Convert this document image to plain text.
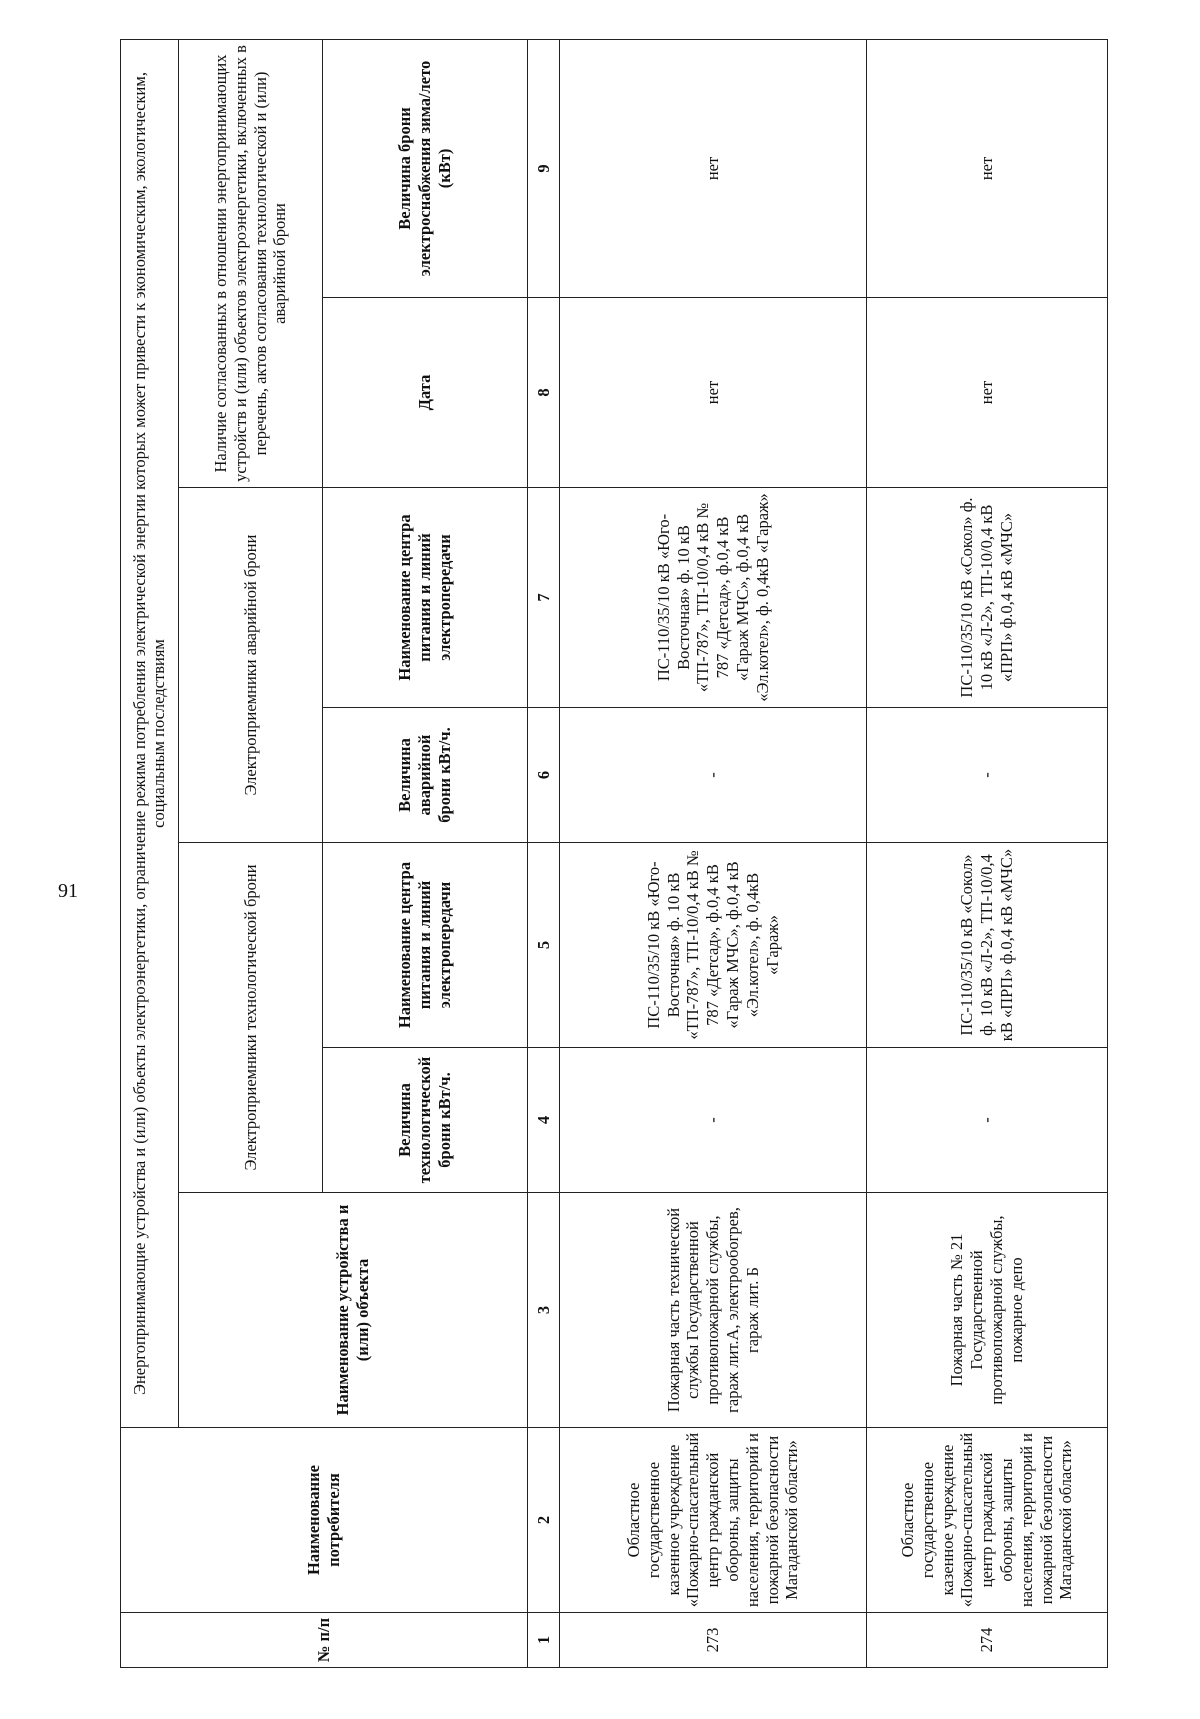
91
№ п/п	Наименование потребителя	Энергопринимающие устройства и (или) объекты электроэнергетики, ограничение режима потребления электрической энергии которых может привести к экономическим, экологическим, социальным последствиям						
		Наименование устройства и (или) объекта	Электроприемники технологической брони		Электроприемники аварийной брони		Наличие согласованных в отношении энергопринимающих устройств и (или) объектов электроэнергетики, включенных в перечень, актов согласования технологической и (или) аварийной брони	
			Величина технологической брони кВт/ч.	Наименование центра питания и линий электропередачи	Величина аварийной брони кВт/ч.	Наименование центра питания и линий электропередачи	Дата	Величина брони электроснабжения зима/лето (кВт)
1	2	3	4	5	6	7	8	9
273	Областное государственное казенное учреждение «Пожарно-спасательный центр гражданской обороны, защиты населения, территорий и пожарной безопасности Магаданской области»	Пожарная часть технической службы Государственной противопожарной службы, гараж лит.А, электрообогрев, гараж лит. Б	-	ПС-110/35/10 кВ «Юго-Восточная» ф. 10 кВ «ТП-787», ТП-10/0,4 кВ № 787 «Детсад», ф.0,4 кВ «Гараж МЧС», ф.0,4 кВ «Эл.котел», ф. 0,4кВ «Гараж»	-	ПС-110/35/10 кВ «Юго-Восточная» ф. 10 кВ «ТП-787», ТП-10/0,4 кВ № 787 «Детсад», ф.0,4 кВ «Гараж МЧС», ф.0,4 кВ «Эл.котел», ф. 0,4кВ «Гараж»	нет	нет
274	Областное государственное казенное учреждение «Пожарно-спасательный центр гражданской обороны, защиты населения, территорий и пожарной безопасности Магаданской области»	Пожарная часть № 21 Государственной противопожарной службы, пожарное депо	-	ПС-110/35/10 кВ «Сокол» ф. 10 кВ «Л-2», ТП-10/0,4 кВ «ПРП» ф.0,4 кВ «МЧС»	-	ПС-110/35/10 кВ «Сокол» ф. 10 кВ «Л-2», ТП-10/0,4 кВ «ПРП» ф.0,4 кВ «МЧС»	нет	нет
